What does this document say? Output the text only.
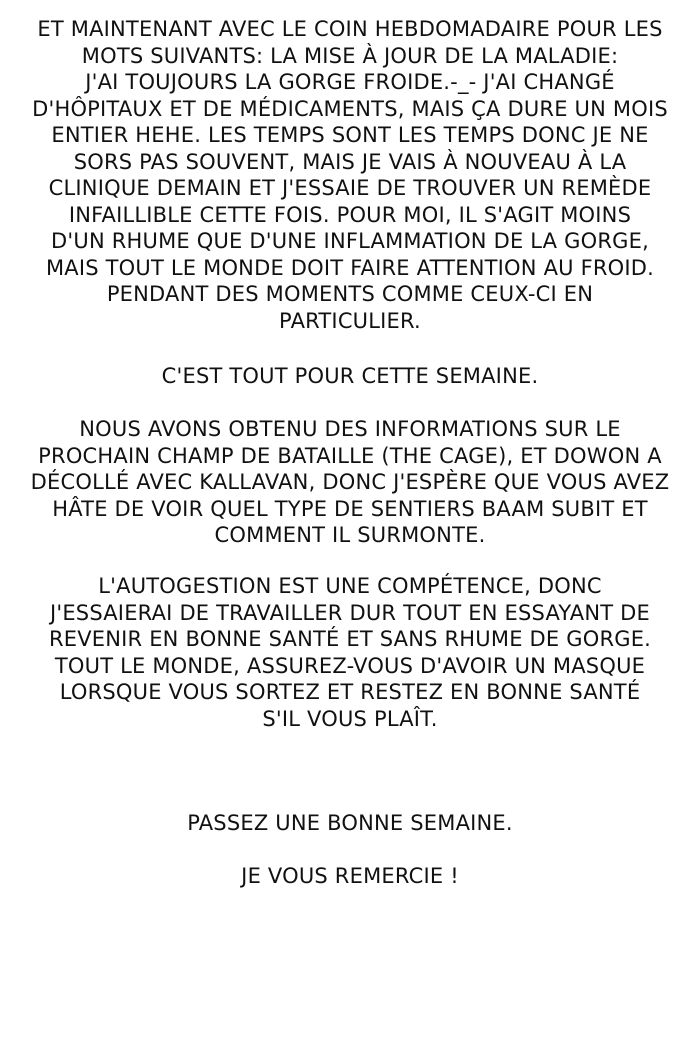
ET MAINTENANT AVEC LE COIN HEBDOMADAIRE POUR LES
MOTS SUIVANTS: LA MISE À JOUR DE LA MALADIE:
J'AI TOUJOURS LA GORGE FROIDE.-_- J'AI CHANGÉ
D'HÔPITAUX ET DE MÉDICAMENTS, MAIS ÇA DURE UN MOIS
ENTIER HEHE. LES TEMPS SONT LES TEMPS DONC JE NE
SORS PAS SOUVENT, MAIS JE VAIS À NOUVEAU À LA
CLINIQUE DEMAIN ET J'ESSAIE DE TROUVER UN REMÈDE
INFAILLIBLE CETTE FOIS. POUR MOI, IL S'AGIT MOINS
D'UN RHUME QUE D'UNE INFLAMMATION DE LA GORGE,
MAIS TOUT LE MONDE DOIT FAIRE ATTENTION AU FROID.
PENDANT DES MOMENTS COMME CEUX-CI EN
PARTICULIER.

C'EST TOUT POUR CETTE SEMAINE.

NOUS AVONS OBTENU DES INFORMATIONS SUR LE
PROCHAIN CHAMP DE BATAILLE (THE CAGE), ET DOWON A
DÉCOLLÉ AVEC KALLAVAN, DONC J'ESPÈRE QUE VOUS AVEZ
HÂTE DE VOIR QUEL TYPE DE SENTIERS BAAM SUBIT ET
COMMENT IL SURMONTE.

L'AUTOGESTION EST UNE COMPÉTENCE, DONC
J'ESSAIERAI DE TRAVAILLER DUR TOUT EN ESSAYANT DE
REVENIR EN BONNE SANTÉ ET SANS RHUME DE GORGE.
TOUT LE MONDE, ASSUREZ-VOUS D'AVOIR UN MASQUE
LORSQUE VOUS SORTEZ ET RESTEZ EN BONNE SANTÉ
S'IL VOUS PLAÎT.

PASSEZ UNE BONNE SEMAINE.

JE VOUS REMERCIE !
